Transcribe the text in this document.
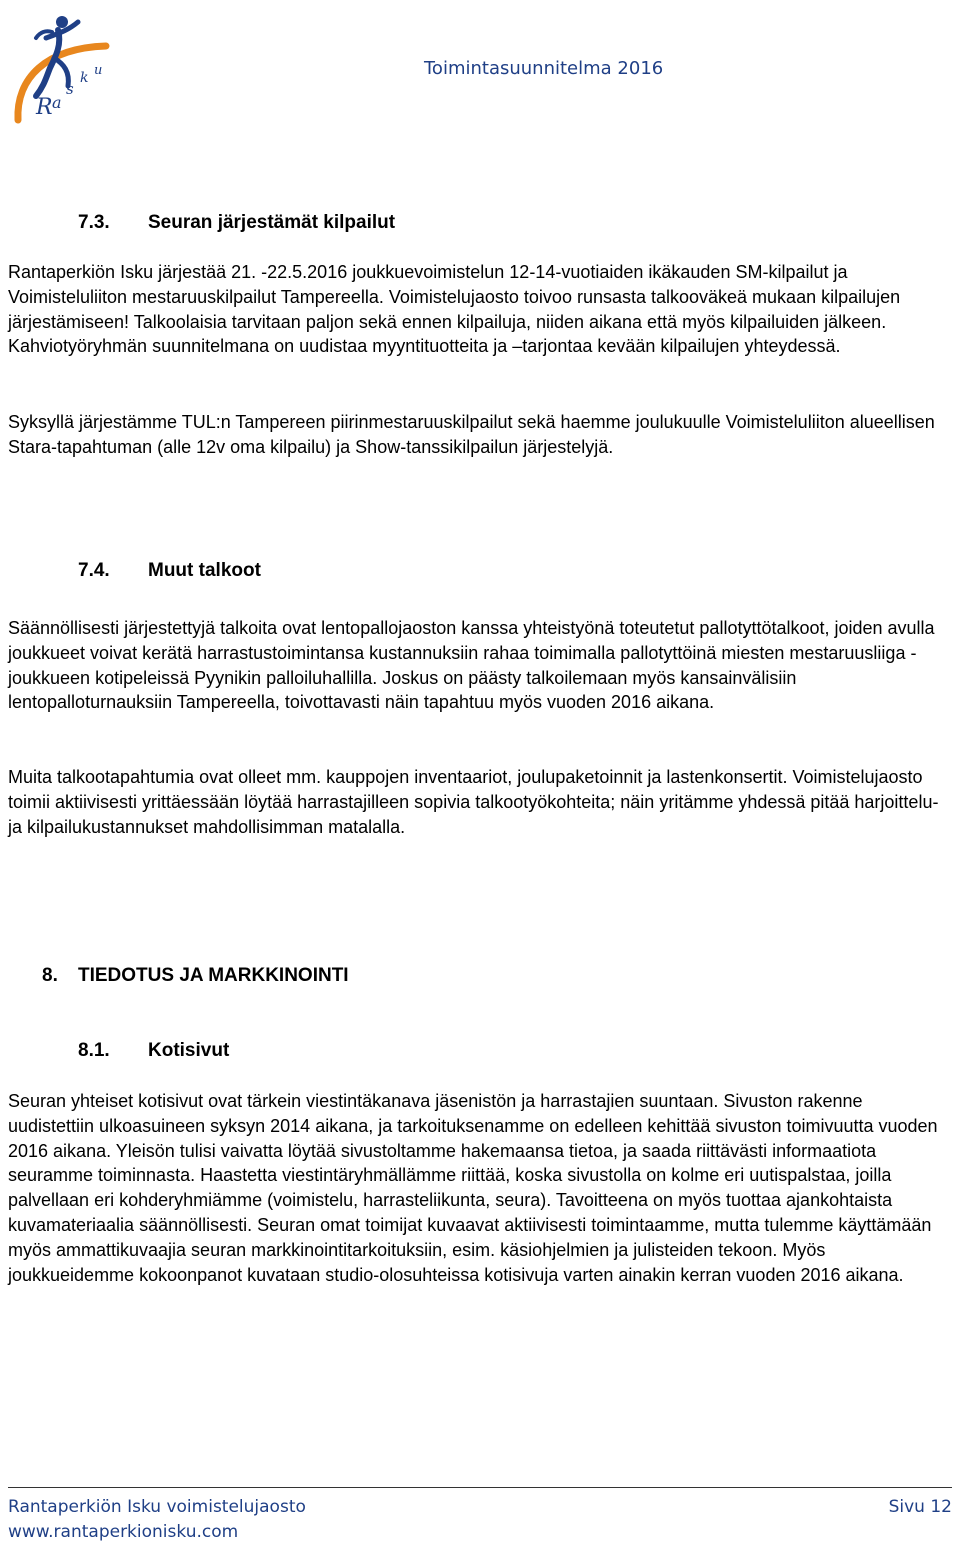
R a
s
k u	Toimintasuunnitelma 2016
7.3. Seuran järjestämät kilpailut

Rantaperkiön Isku järjestää 21. -22.5.2016 joukkuevoimistelun 12-14-vuotiaiden ikäkauden SM-kilpailut ja Voimisteluliiton mestaruuskilpailut Tampereella. Voimistelujaosto toivoo runsasta talkooväkeä mukaan kilpailujen järjestämiseen! Talkoolaisia tarvitaan paljon sekä ennen kilpailuja, niiden aikana että myös kilpailuiden jälkeen. Kahviotyöryhmän suunnitelmana on uudistaa myyntituotteita ja –tarjontaa kevään kilpailujen yhteydessä.

Syksyllä järjestämme TUL:n Tampereen piirinmestaruuskilpailut sekä haemme joulukuulle Voimisteluliiton alueellisen Stara-tapahtuman (alle 12v oma kilpailu) ja Show-tanssikilpailun järjestelyjä.

7.4. Muut talkoot

Säännöllisesti järjestettyjä talkoita ovat lentopallojaoston kanssa yhteistyönä toteutetut pallotyttötalkoot, joiden avulla joukkueet voivat kerätä harrastustoimintansa kustannuksiin rahaa toimimalla pallotyttöinä miesten mestaruusliiga -joukkueen kotipeleissä Pyynikin palloiluhallilla. Joskus on päästy talkoilemaan myös kansainvälisiin lentopalloturnauksiin Tampereella, toivottavasti näin tapahtuu myös vuoden 2016 aikana.

Muita talkootapahtumia ovat olleet mm. kauppojen inventaariot, joulupaketoinnit ja lastenkonsertit. Voimistelujaosto toimii aktiivisesti yrittäessään löytää harrastajilleen sopivia talkootyökohteita; näin yritämme yhdessä pitää harjoittelu- ja kilpailukustannukset mahdollisimman matalalla.

8. TIEDOTUS JA MARKKINOINTI
8.1. Kotisivut

Seuran yhteiset kotisivut ovat tärkein viestintäkanava jäsenistön ja harrastajien suuntaan. Sivuston rakenne uudistettiin ulkoasuineen syksyn 2014 aikana, ja tarkoituksenamme on edelleen kehittää sivuston toimivuutta vuoden 2016 aikana. Yleisön tulisi vaivatta löytää sivustoltamme hakemaansa tietoa, ja saada riittävästi informaatiota seuramme toiminnasta. Haastetta viestintäryhmällämme riittää, koska sivustolla on kolme eri uutispalstaa, joilla palvellaan eri kohderyhmiämme (voimistelu, harrasteliikunta, seura). Tavoitteena on myös tuottaa ajankohtaista kuvamateriaalia säännöllisesti. Seuran omat toimijat kuvaavat aktiivisesti toimintaamme, mutta tulemme käyttämään myös ammattikuvaajia seuran markkinointitarkoituksiin, esim. käsiohjelmien ja julisteiden tekoon. Myös joukkueidemme kokoonpanot kuvataan studio-olosuhteissa kotisivuja varten ainakin kerran vuoden 2016 aikana.

Rantaperkiön Isku voimistelujaosto	Sivu 12
www.rantaperkionisku.com
